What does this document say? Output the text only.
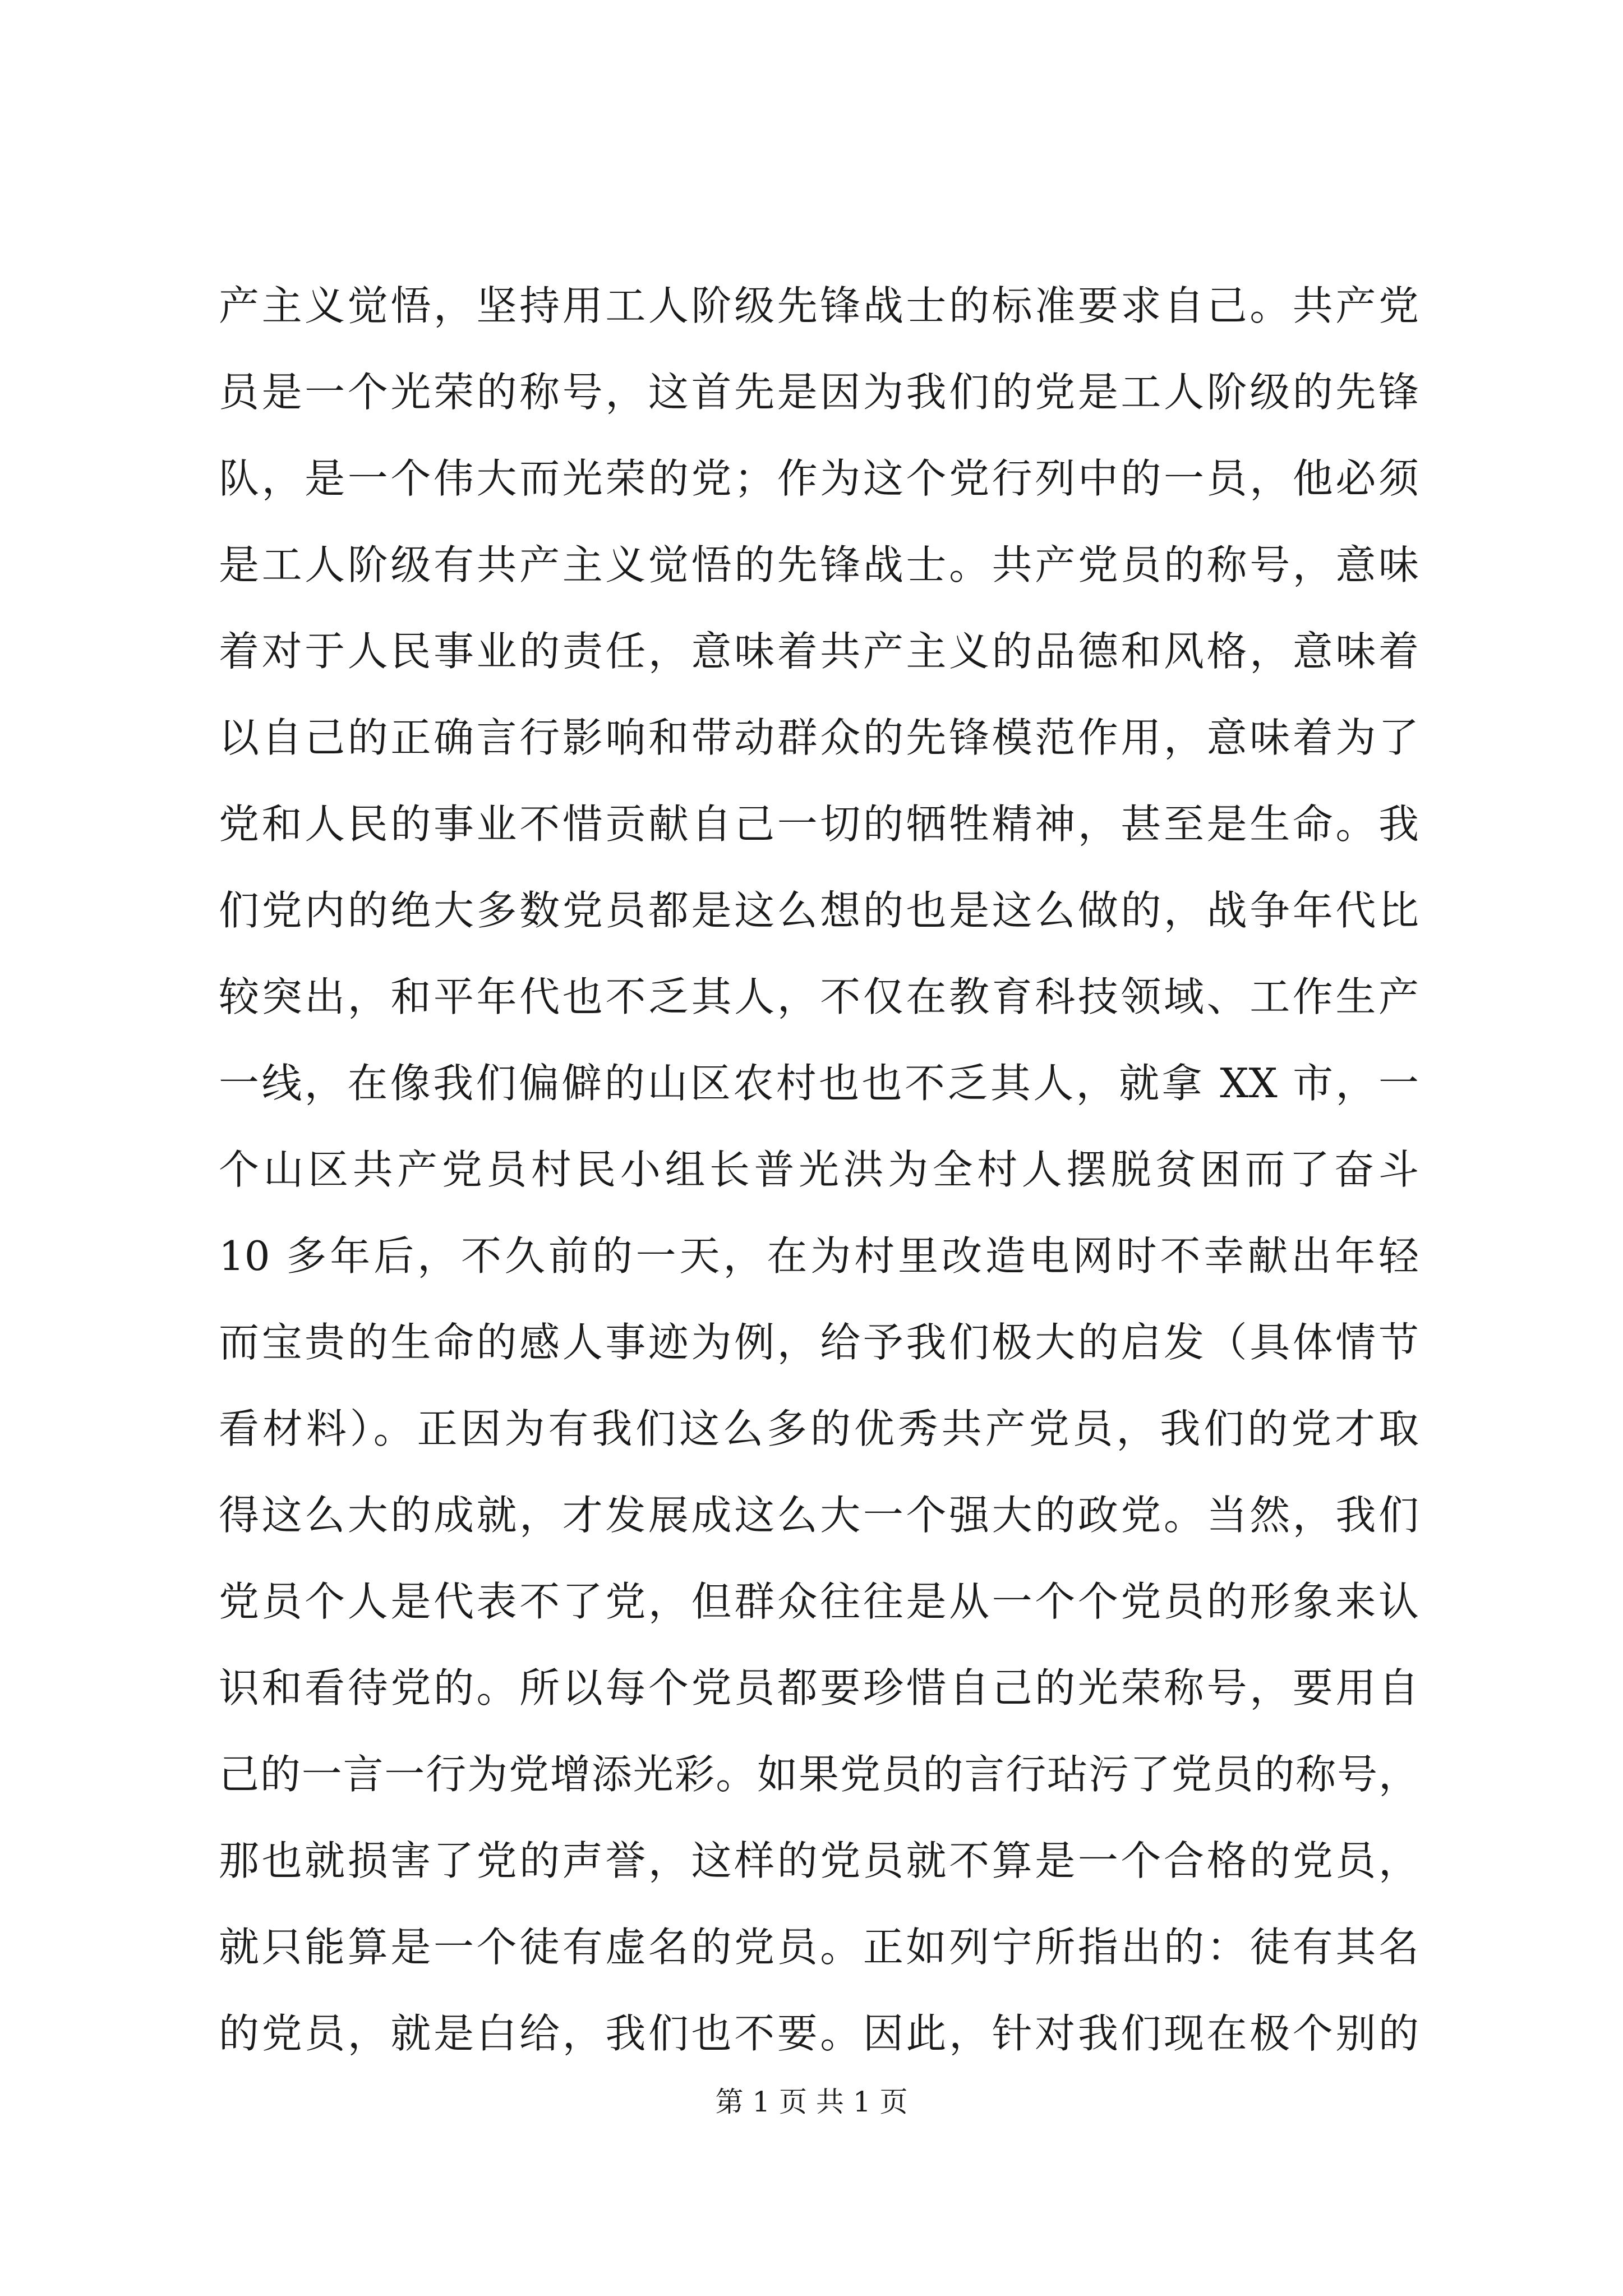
产主义觉悟，坚持用工人阶级先锋战士的标准要求自己。共产党
员是一个光荣的称号，这首先是因为我们的党是工人阶级的先锋
队，是一个伟大而光荣的党；作为这个党行列中的一员，他必须
是工人阶级有共产主义觉悟的先锋战士。共产党员的称号，意味
着对于人民事业的责任，意味着共产主义的品德和风格，意味着
以自己的正确言行影响和带动群众的先锋模范作用，意味着为了
党和人民的事业不惜贡献自己一切的牺牲精神，甚至是生命。我
们党内的绝大多数党员都是这么想的也是这么做的，战争年代比
较突出，和平年代也不乏其人，不仅在教育科技领域、工作生产
一线，在像我们偏僻的山区农村也也不乏其人，就拿 XX 市，一
个山区共产党员村民小组长普光洪为全村人摆脱贫困而了奋斗
10 多年后，不久前的一天，在为村里改造电网时不幸献出年轻
而宝贵的生命的感人事迹为例，给予我们极大的启发（具体情节
看材料）。正因为有我们这么多的优秀共产党员，我们的党才取
得这么大的成就，才发展成这么大一个强大的政党。当然，我们
党员个人是代表不了党，但群众往往是从一个个党员的形象来认
识和看待党的。所以每个党员都要珍惜自己的光荣称号，要用自
己的一言一行为党增添光彩。如果党员的言行玷污了党员的称号，
那也就损害了党的声誉，这样的党员就不算是一个合格的党员，
就只能算是一个徒有虚名的党员。正如列宁所指出的：徒有其名
的党员，就是白给，我们也不要。因此，针对我们现在极个别的
第 1 页 共 1 页
